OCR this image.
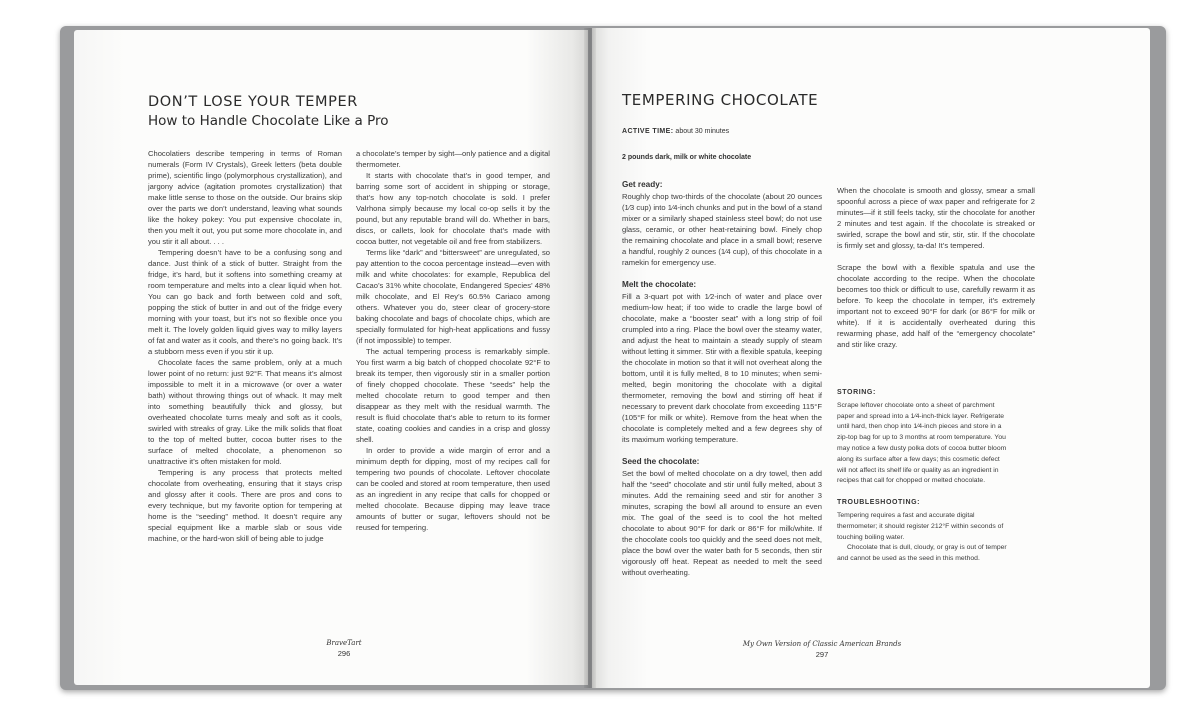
DON’T LOSE YOUR TEMPER
How to Handle Chocolate Like a Pro

Chocolatiers describe tempering in terms of Roman numerals (Form IV Crystals), Greek letters (beta double prime), scientific lingo (polymorphous crystallization), and jargony advice (agitation promotes crystallization) that make little sense to those on the outside. Our brains skip over the parts we don’t understand, leaving what sounds like the hokey pokey: You put expensive chocolate in, then you melt it out, you put some more chocolate in, and you stir it all about. . . .

Tempering doesn’t have to be a confusing song and dance. Just think of a stick of butter. Straight from the fridge, it’s hard, but it softens into something creamy at room temperature and melts into a clear liquid when hot. You can go back and forth between cold and soft, popping the stick of butter in and out of the fridge every morning with your toast, but it’s not so flexible once you melt it. The lovely golden liquid gives way to milky layers of fat and water as it cools, and there’s no going back. It’s a stubborn mess even if you stir it up.

Chocolate faces the same problem, only at a much lower point of no return: just 92°F. That means it’s almost impossible to melt it in a microwave (or over a water bath) without throwing things out of whack. It may melt into something beautifully thick and glossy, but overheated chocolate turns mealy and soft as it cools, swirled with streaks of gray. Like the milk solids that float to the top of melted butter, cocoa butter rises to the surface of melted chocolate, a phenomenon so unattractive it’s often mistaken for mold.

Tempering is any process that protects melted chocolate from overheating, ensuring that it stays crisp and glossy after it cools. There are pros and cons to every technique, but my favorite option for tempering at home is the “seeding” method. It doesn’t require any special equipment like a marble slab or sous vide machine, or the hard-won skill of being able to judge

a chocolate’s temper by sight—only patience and a digital thermometer.

It starts with chocolate that’s in good temper, and barring some sort of accident in shipping or storage, that’s how any top-notch chocolate is sold. I prefer Valrhona simply because my local co-op sells it by the pound, but any reputable brand will do. Whether in bars, discs, or callets, look for chocolate that’s made with cocoa butter, not vegetable oil and free from stabilizers.

Terms like “dark” and “bittersweet” are unregulated, so pay attention to the cocoa percentage instead—even with milk and white chocolates: for example, Republica del Cacao’s 31% white chocolate, Endangered Species’ 48% milk chocolate, and El Rey’s 60.5% Cariaco among others. Whatever you do, steer clear of grocery-store baking chocolate and bags of chocolate chips, which are specially formulated for high-heat applications and fussy (if not impossible) to temper.

The actual tempering process is remarkably simple. You first warm a big batch of chopped chocolate 92°F to break its temper, then vigorously stir in a smaller portion of finely chopped chocolate. These “seeds” help the melted chocolate return to good temper and then disappear as they melt with the residual warmth. The result is fluid chocolate that’s able to return to its former state, coating cookies and candies in a crisp and glossy shell.

In order to provide a wide margin of error and a minimum depth for dipping, most of my recipes call for tempering two pounds of chocolate. Leftover chocolate can be cooled and stored at room temperature, then used as an ingredient in any recipe that calls for chopped or melted chocolate. Because dipping may leave trace amounts of butter or sugar, leftovers should not be reused for tempering.

BraveTart
296
TEMPERING CHOCOLATE
ACTIVE TIME: about 30 minutes
2 pounds dark, milk or white chocolate
Get ready:

Roughly chop two-thirds of the chocolate (about 20 ounces (1⁄3 cup) into 1⁄4-inch chunks and put in the bowl of a stand mixer or a similarly shaped stainless steel bowl; do not use glass, ceramic, or other heat-retaining bowl. Finely chop the remaining chocolate and place in a small bowl; reserve a handful, roughly 2 ounces (1⁄4 cup), of this chocolate in a ramekin for emergency use.

Melt the chocolate:

Fill a 3-quart pot with 1⁄2-inch of water and place over medium-low heat; if too wide to cradle the large bowl of chocolate, make a “booster seat” with a long strip of foil crumpled into a ring. Place the bowl over the steamy water, and adjust the heat to maintain a steady supply of steam without letting it simmer. Stir with a flexible spatula, keeping the chocolate in motion so that it will not overheat along the bottom, until it is fully melted, 8 to 10 minutes; when semi-melted, begin monitoring the chocolate with a digital thermometer, removing the bowl and stirring off heat if necessary to prevent dark chocolate from exceeding 115°F (105°F for milk or white). Remove from the heat when the chocolate is completely melted and a few degrees shy of its maximum working temperature.

Seed the chocolate:

Set the bowl of melted chocolate on a dry towel, then add half the “seed” chocolate and stir until fully melted, about 3 minutes. Add the remaining seed and stir for another 3 minutes, scraping the bowl all around to ensure an even mix. The goal of the seed is to cool the hot melted chocolate to about 90°F for dark or 86°F for milk/white. If the chocolate cools too quickly and the seed does not melt, place the bowl over the water bath for 5 seconds, then stir vigorously off heat. Repeat as needed to melt the seed without overheating.

When the chocolate is smooth and glossy, smear a small spoonful across a piece of wax paper and refrigerate for 2 minutes—if it still feels tacky, stir the chocolate for another 2 minutes and test again. If the chocolate is streaked or swirled, scrape the bowl and stir, stir, stir. If the chocolate is firmly set and glossy, ta-da! It’s tempered.

Scrape the bowl with a flexible spatula and use the chocolate according to the recipe. When the chocolate becomes too thick or difficult to use, carefully rewarm it as before. To keep the chocolate in temper, it’s extremely important not to exceed 90°F for dark (or 86°F for milk or white). If it is accidentally overheated during this rewarming phase, add half of the “emergency chocolate” and stir like crazy.

STORING:

Scrape leftover chocolate onto a sheet of parchment paper and spread into a 1⁄4-inch-thick layer. Refrigerate until hard, then chop into 1⁄4-inch pieces and store in a zip-top bag for up to 3 months at room temperature. You may notice a few dusty polka dots of cocoa butter bloom along its surface after a few days; this cosmetic defect will not affect its shelf life or quality as an ingredient in recipes that call for chopped or melted chocolate.

TROUBLESHOOTING:

Tempering requires a fast and accurate digital thermometer; it should register 212°F within seconds of touching boiling water.

Chocolate that is dull, cloudy, or gray is out of temper and cannot be used as the seed in this method.

My Own Version of Classic American Brands
297
